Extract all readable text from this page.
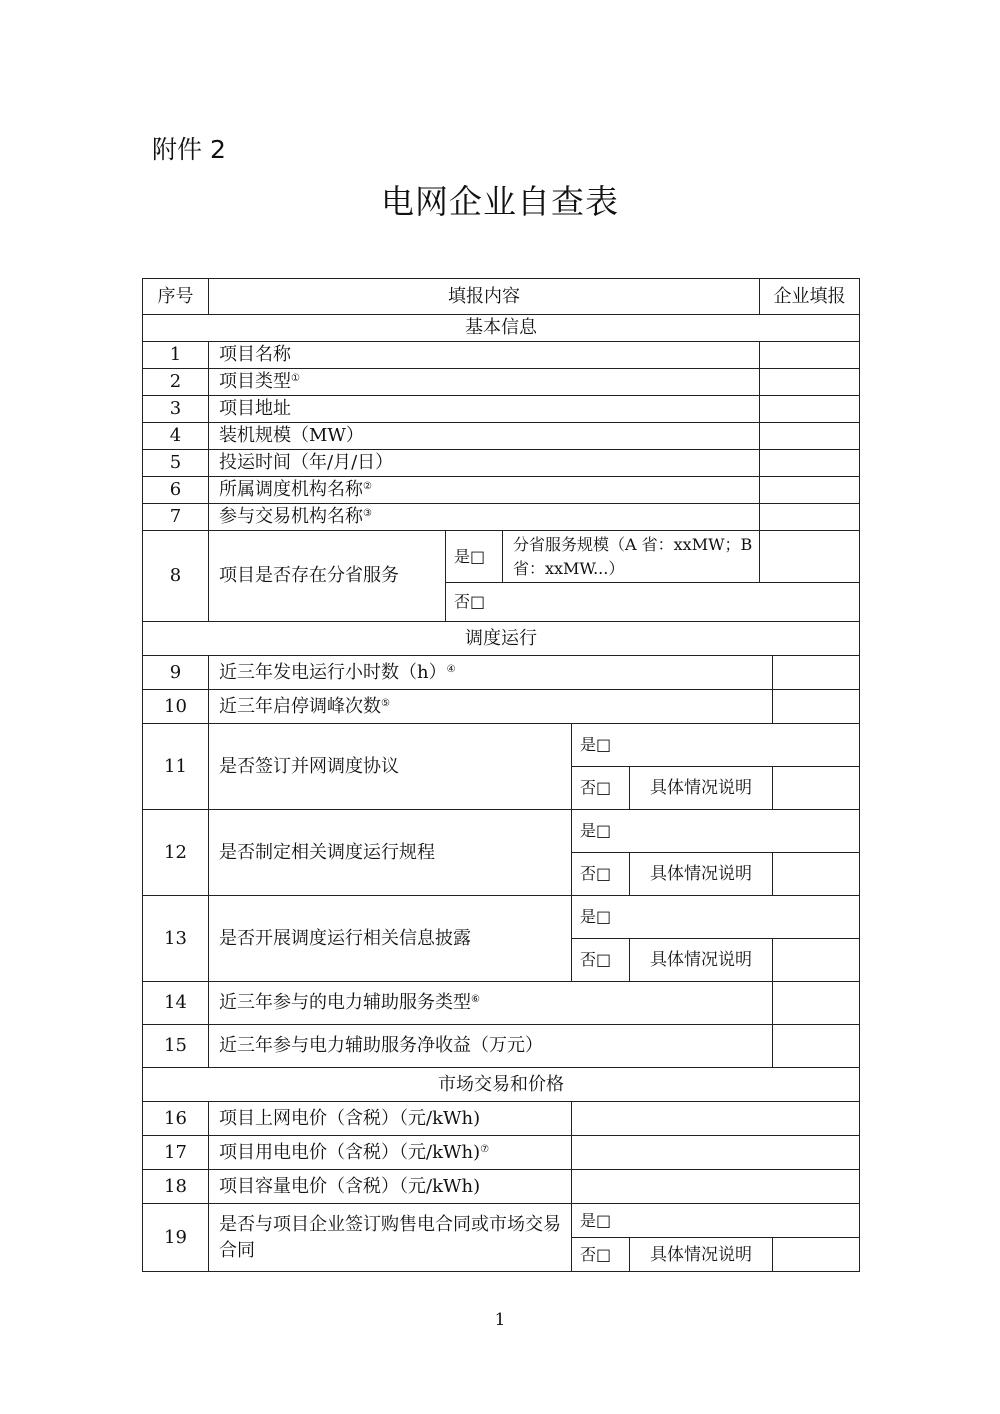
附件 2
电网企业自查表
序号	填报内容					企业填报	
基本信息							
1	项目名称						
2	项目类型①	
3	项目地址						
4	装机规模（MW）						
5	投运时间（年/月/日）						
6	所属调度机构名称②	
7	参与交易机构名称③	
8	项目是否存在分省服务	是□	分省服务规模（A 省：xxMW；B 省：xxMW...）				
		否□					
调度运行							
9	近三年发电运行小时数（h）④	
10	近三年启停调峰次数⑤	
11	是否签订并网调度协议			是□			
				否□	具体情况说明		
12	是否制定相关调度运行规程			是□			
				否□	具体情况说明		
13	是否开展调度运行相关信息披露			是□			
				否□	具体情况说明		
14	近三年参与的电力辅助服务类型⑥	
15	近三年参与电力辅助服务净收益（万元）						
市场交易和价格							
16	项目上网电价（含税）（元/kWh)						
17	项目用电电价（含税）（元/kWh)⑦	
18	项目容量电价（含税）（元/kWh)						
19	是否与项目企业签订购售电合同或市场交易合同			是□			
				否□	具体情况说明		
1
